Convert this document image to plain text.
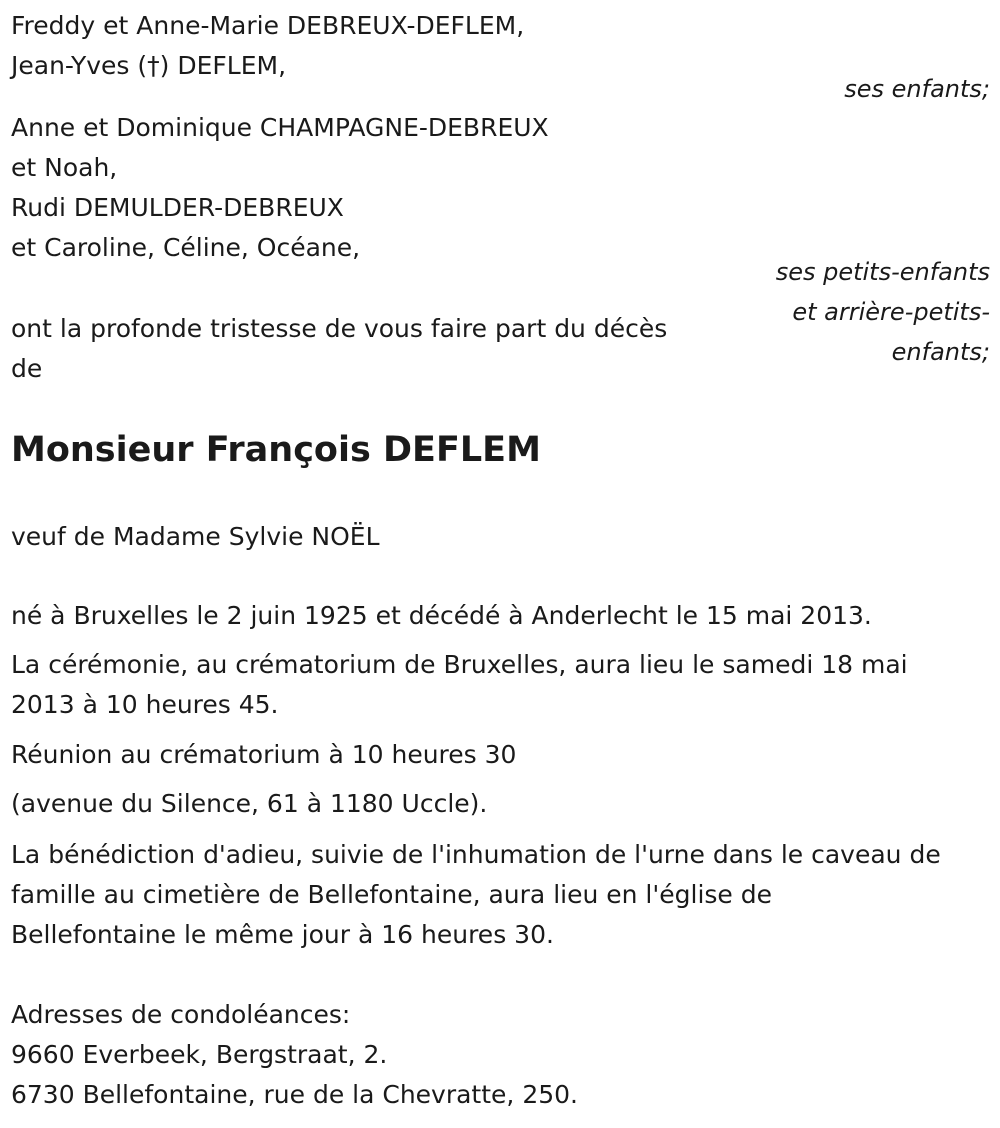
Freddy et Anne-Marie DEBREUX-DEFLEM,
Jean-Yves (†) DEFLEM,
ses enfants;
Anne et Dominique CHAMPAGNE-DEBREUX
et Noah,
Rudi DEMULDER-DEBREUX
et Caroline, Céline, Océane,
ses petits-enfants
et arrière-petits-
enfants;
ont la profonde tristesse de vous faire part du décès
de
Monsieur François DEFLEM
veuf de Madame Sylvie NOËL
né à Bruxelles le 2 juin 1925 et décédé à Anderlecht le 15 mai 2013.
La cérémonie, au crématorium de Bruxelles, aura lieu le samedi 18 mai
2013 à 10 heures 45.
Réunion au crématorium à 10 heures 30
(avenue du Silence, 61 à 1180 Uccle).
La bénédiction d'adieu, suivie de l'inhumation de l'urne dans le caveau de
famille au cimetière de Bellefontaine, aura lieu en l'église de
Bellefontaine le même jour à 16 heures 30.
Adresses de condoléances:
9660 Everbeek, Bergstraat, 2.
6730 Bellefontaine, rue de la Chevratte, 250.
